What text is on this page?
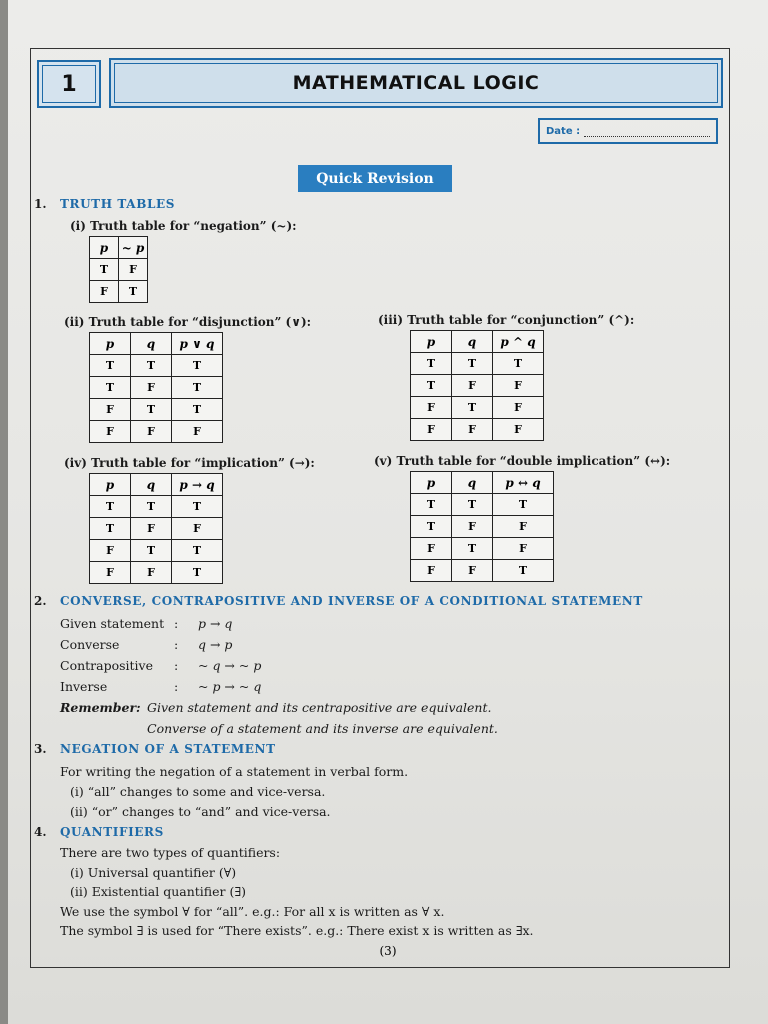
1	MATHEMATICAL LOGIC
Date :
Quick Revision
1. TRUTH TABLES
(i) Truth table for “negation” (~):
p	~ p
T	F
F	T
(ii) Truth table for “disjunction” (∨):
p	q	p ∨ q
T	T	T
T	F	T
F	T	T
F	F	F
(iii) Truth table for “conjunction” (^):
p	q	p ^ q
T	T	T
T	F	F
F	T	F
F	F	F
(iv) Truth table for “implication” (→):
p	q	p → q
T	T	T
T	F	F
F	T	T
F	F	T
(v) Truth table for “double implication” (↔):
p	q	p ↔ q
T	T	T
T	F	F
F	T	F
F	F	T
2. CONVERSE, CONTRAPOSITIVE AND INVERSE OF A CONDITIONAL STATEMENT
Given statement : p → q
Converse	: q → p
Contrapositive : ~ q → ~ p
Inverse	: ~ p → ~ q
Remember: Given statement and its centrapositive are equivalent.
Converse of a statement and its inverse are equivalent.
3. NEGATION OF A STATEMENT
For writing the negation of a statement in verbal form.
(i) “all” changes to some and vice-versa.
(ii) “or” changes to “and” and vice-versa.
4. QUANTIFIERS
There are two types of quantifiers:
(i) Universal quantifier (∀)
(ii) Existential quantifier (∃)
We use the symbol ∀ for “all”. e.g.: For all x is written as ∀ x.
The symbol ∃ is used for “There exists”. e.g.: There exist x is written as ∃x.
(3)
